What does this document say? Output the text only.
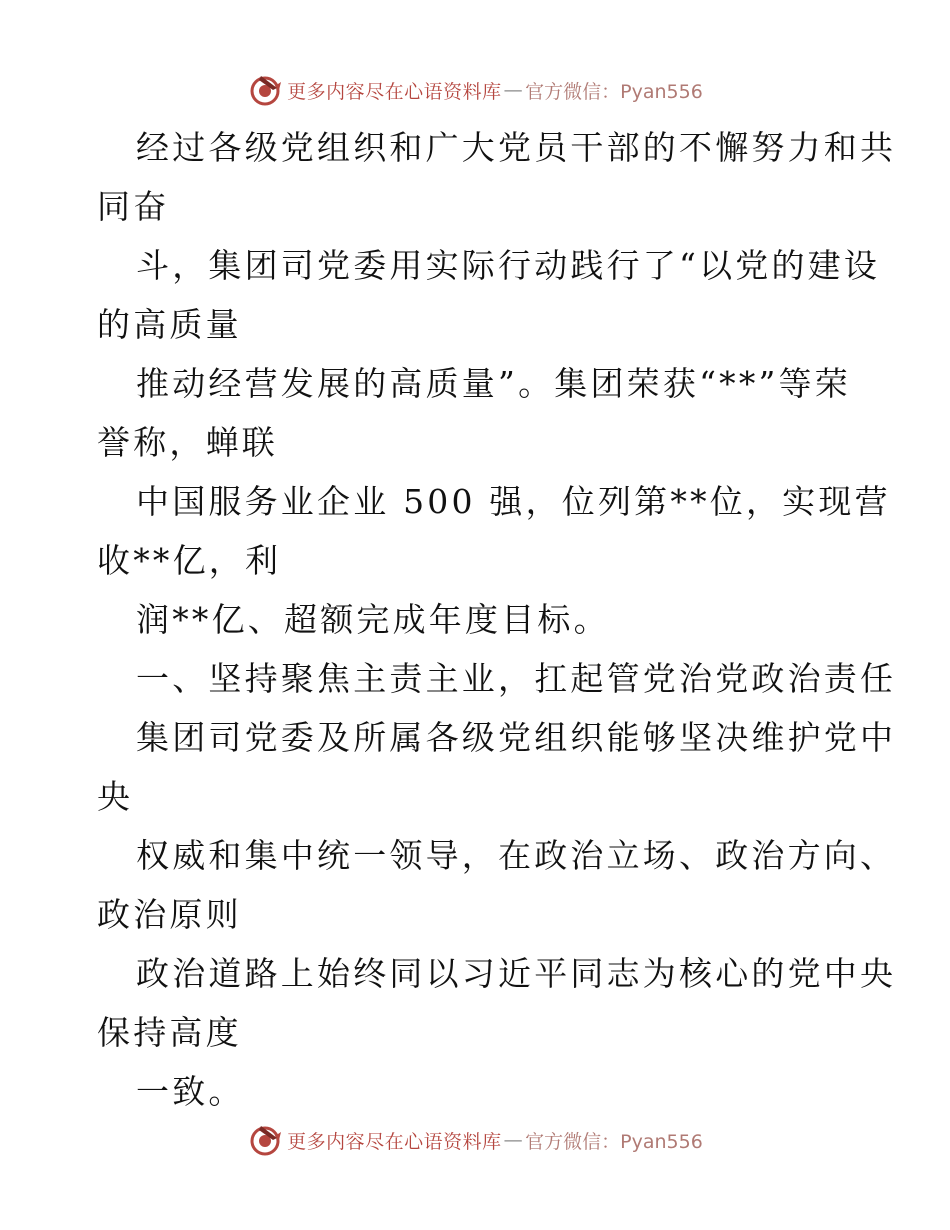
更多内容尽在心语资料库 — 官方微信：Pyan556
经过各级党组织和广大党员干部的不懈努力和共
同奋
斗，集团司党委用实际行动践行了“以党的建设
的高质量
推动经营发展的高质量”。集团荣获“**”等荣
誉称，蝉联
中国服务业企业 500 强，位列第**位，实现营
收**亿，利
润**亿、超额完成年度目标。
一、坚持聚焦主责主业，扛起管党治党政治责任
集团司党委及所属各级党组织能够坚决维护党中
央
权威和集中统一领导，在政治立场、政治方向、
政治原则
政治道路上始终同以习近平同志为核心的党中央
保持高度
一致。
更多内容尽在心语资料库 — 官方微信：Pyan556
